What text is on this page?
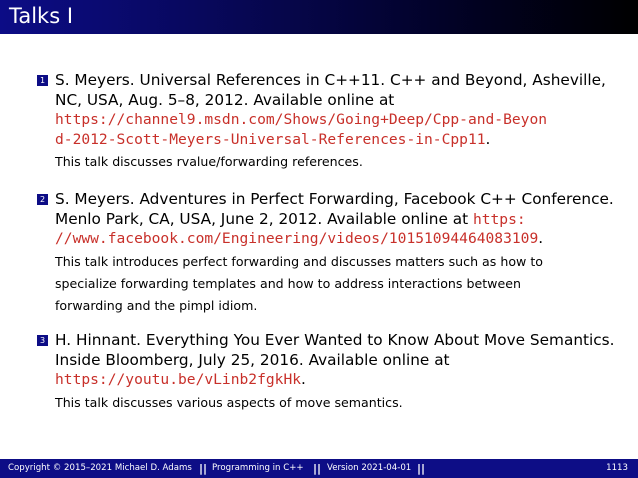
Talks I
1 S. Meyers. Universal References in C++11. C++ and Beyond, Asheville,
NC, USA, Aug. 5–8, 2012. Available online at
https://channel9.msdn.com/Shows/Going+Deep/Cpp-and-Beyon
d-2012-Scott-Meyers-Universal-References-in-Cpp11.
This talk discusses rvalue/forwarding references.
2 S. Meyers. Adventures in Perfect Forwarding, Facebook C++ Conference.
Menlo Park, CA, USA, June 2, 2012. Available online at https:
//www.facebook.com/Engineering/videos/10151094464083109.
This talk introduces perfect forwarding and discusses matters such as how to
specialize forwarding templates and how to address interactions between
forwarding and the pimpl idiom.
3 H. Hinnant. Everything You Ever Wanted to Know About Move Semantics.
Inside Bloomberg, July 25, 2016. Available online at
https://youtu.be/vLinb2fgkHk.
This talk discusses various aspects of move semantics.
Copyright © 2015–2021 Michael D. Adams || Programming in C++ || Version 2021-04-01 ||	1113
